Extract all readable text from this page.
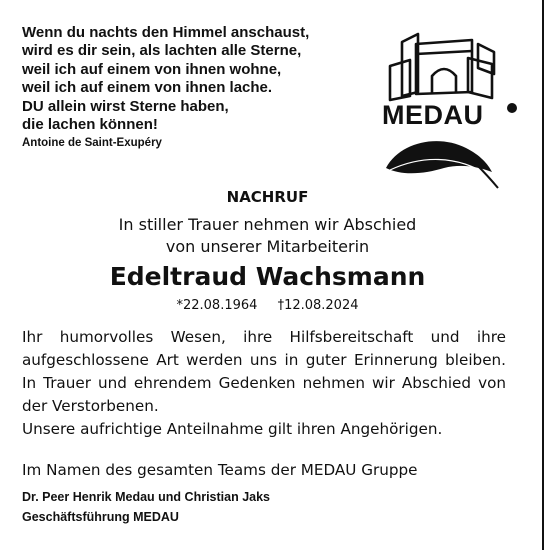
Wenn du nachts den Himmel anschaust,
wird es dir sein, als lachten alle Sterne,
weil ich auf einem von ihnen wohne,
weil ich auf einem von ihnen lache.
DU allein wirst Sterne haben,
die lachen können!
Antoine de Saint-Exupéry
MEDAU
NACHRUF
In stiller Trauer nehmen wir Abschied
von unserer Mitarbeiterin
Edeltraud Wachsmann
*22.08.1964 †12.08.2024
Ihr humorvolles Wesen, ihre Hilfsbereitschaft und ihre aufgeschlossene Art werden uns in guter Erinnerung bleiben. In Trauer und ehrendem Gedenken nehmen wir Abschied von der Verstorbenen.
Unsere aufrichtige Anteilnahme gilt ihren Angehörigen.
Im Namen des gesamten Teams der MEDAU Gruppe
Dr. Peer Henrik Medau und Christian Jaks
Geschäftsführung MEDAU
